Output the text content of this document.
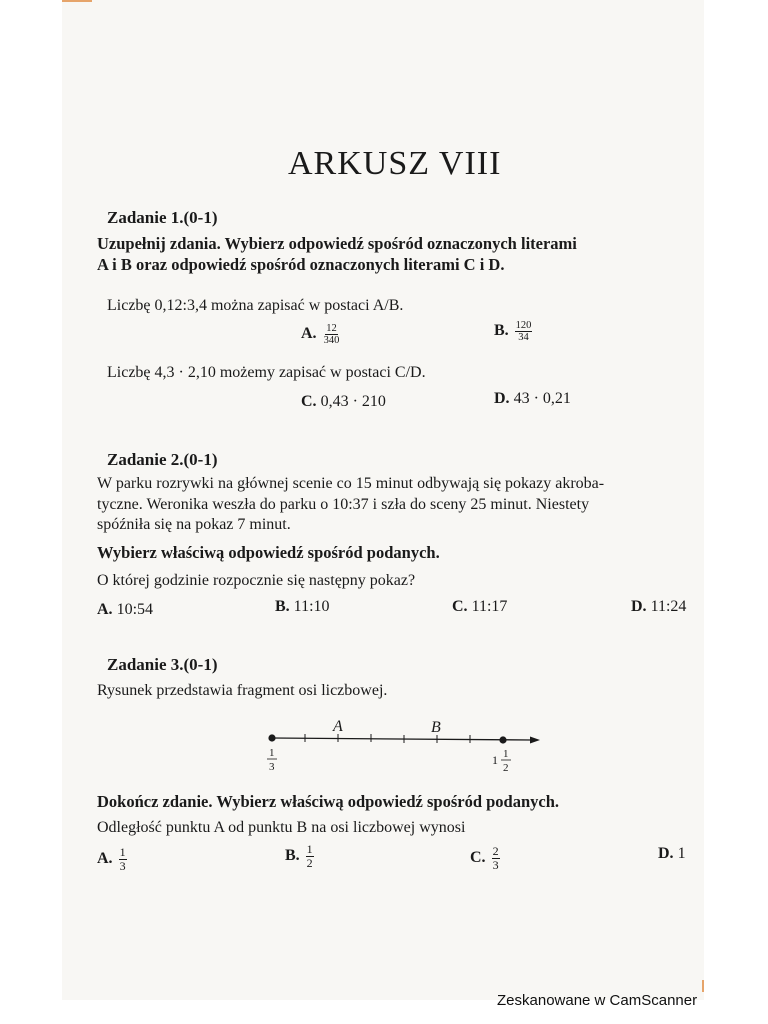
ARKUSZ VIII
Zadanie 1.(0-1)
Uzupełnij zdania. Wybierz odpowiedź spośród oznaczonych literami
A i B oraz odpowiedź spośród oznaczonych literami C i D.
Liczbę 0,12:3,4 można zapisać w postaci A/B.
A. $\frac{12}{340}$	B. $\frac{120}{34}$
Liczbę 4,3 · 2,10 możemy zapisać w postaci C/D.
C. 0,43 · 210	D. 43 · 0,21
Zadanie 2.(0-1)
W parku rozrywki na głównej scenie co 15 minut odbywają się pokazy akroba-
tyczne. Weronika weszła do parku o 10:37 i szła do sceny 25 minut. Niestety
spóźniła się na pokaz 7 minut.
Wybierz właściwą odpowiedź spośród podanych.
O której godzinie rozpocznie się następny pokaz?
A. 10:54	B. 11:10	C. 11:17	D. 11:24
Zadanie 3.(0-1)
Rysunek przedstawia fragment osi liczbowej.
A	B
1
3	1 1
2
Dokończ zdanie. Wybierz właściwą odpowiedź spośród podanych.
Odległość punktu A od punktu B na osi liczbowej wynosi
A. $\frac{1}{3}$	B. $\frac{1}{2}$	C. $\frac{2}{3}$	D. 1
Zeskanowane w CamScanner
